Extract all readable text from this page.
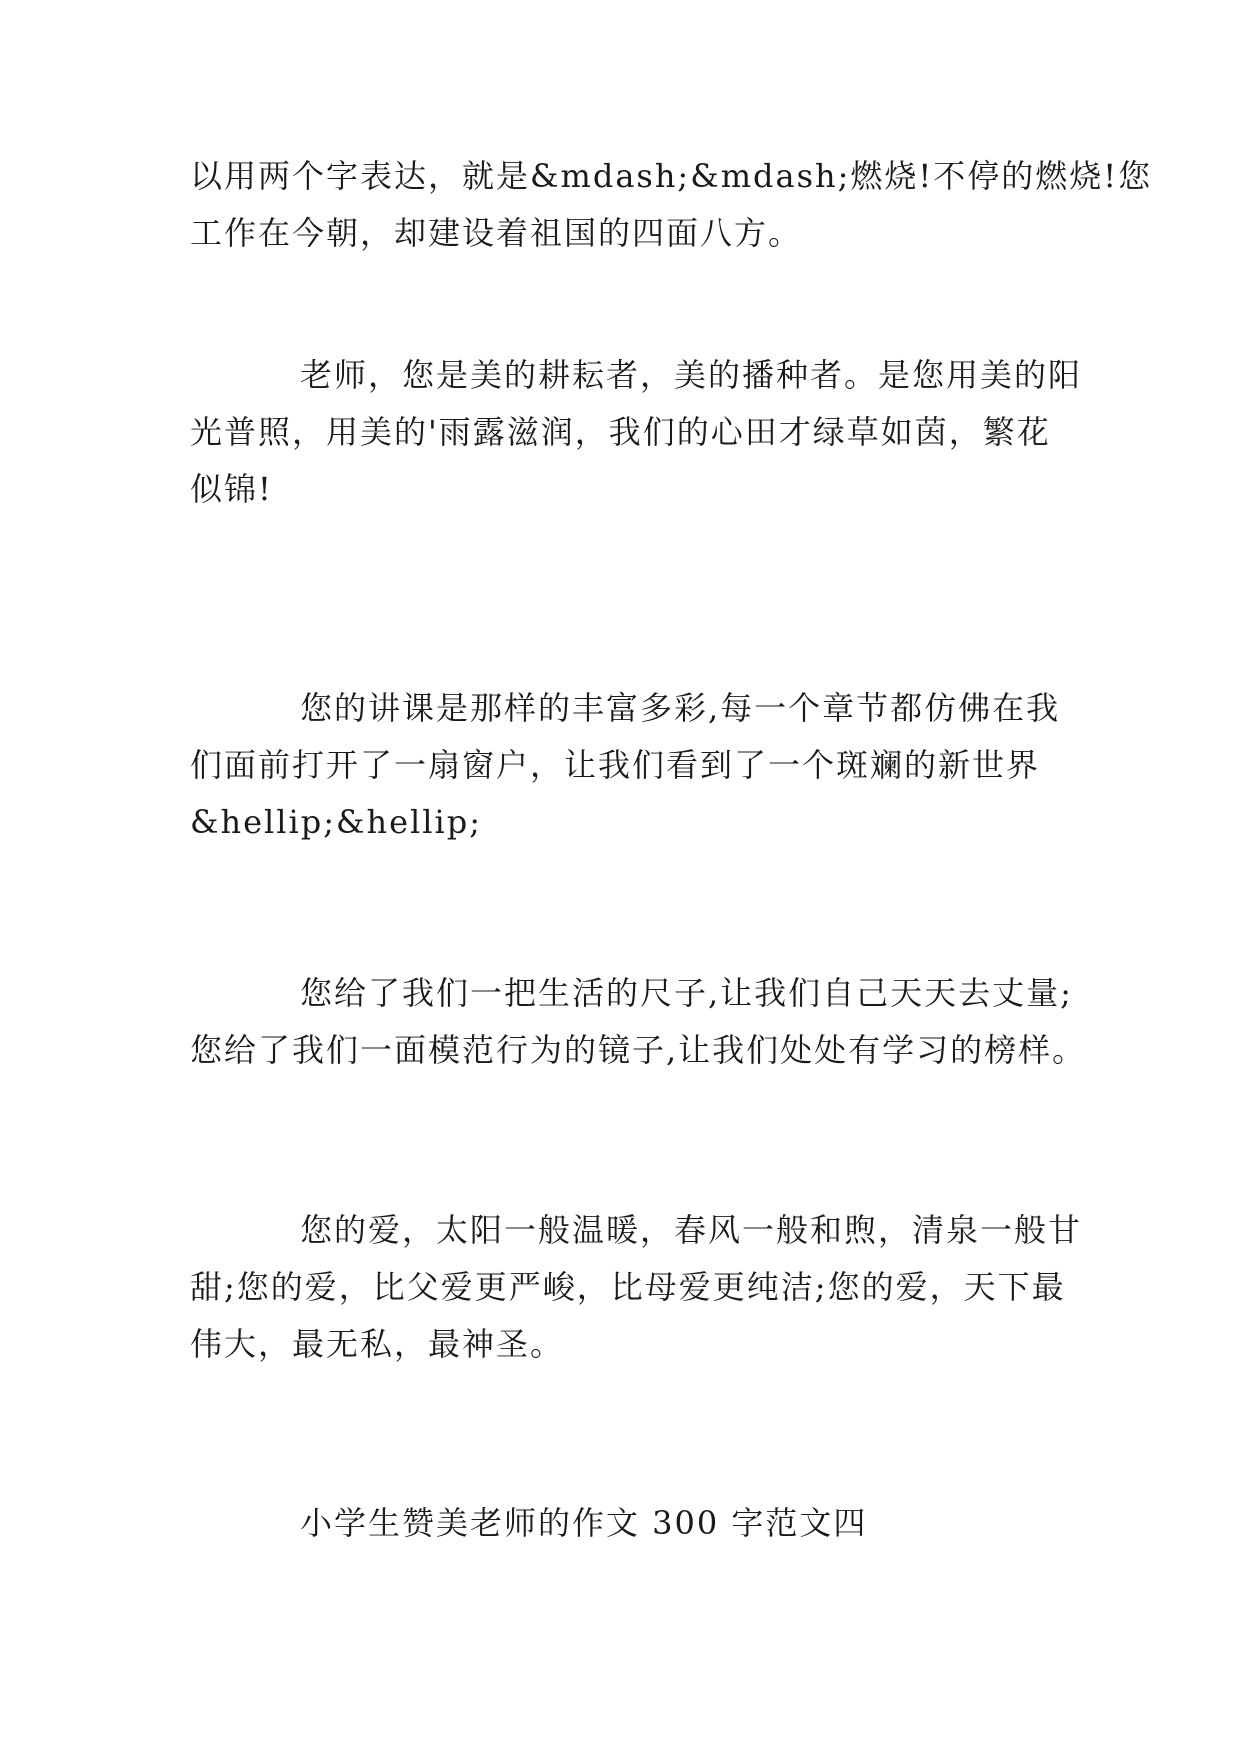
以用两个字表达，就是&mdash;&mdash;燃烧!不停的燃烧!您
工作在今朝，却建设着祖国的四面八方。

老师，您是美的耕耘者，美的播种者。是您用美的阳
光普照，用美的'雨露滋润，我们的心田才绿草如茵，繁花
似锦!

您的讲课是那样的丰富多彩,每一个章节都仿佛在我
们面前打开了一扇窗户，让我们看到了一个斑斓的新世界
&hellip;&hellip;

您给了我们一把生活的尺子,让我们自己天天去丈量;
您给了我们一面模范行为的镜子,让我们处处有学习的榜样。

您的爱，太阳一般温暖，春风一般和煦，清泉一般甘
甜;您的爱，比父爱更严峻，比母爱更纯洁;您的爱，天下最
伟大，最无私，最神圣。

小学生赞美老师的作文 300 字范文四
